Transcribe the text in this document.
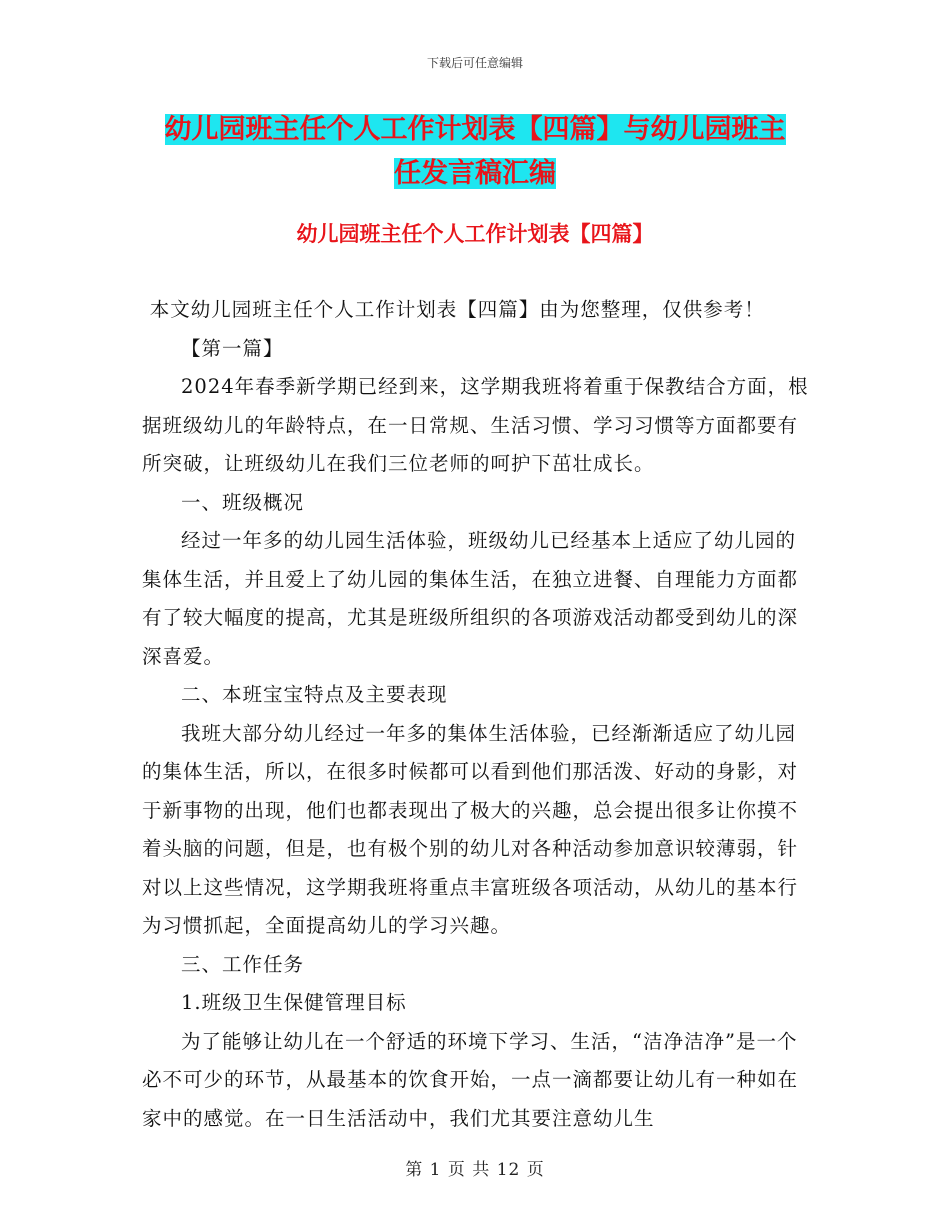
下载后可任意编辑
幼儿园班主任个人工作计划表【四篇】与幼儿园班主
任发言稿汇编
幼儿园班主任个人工作计划表【四篇】

本文幼儿园班主任个人工作计划表【四篇】由为您整理，仅供参考！

【第一篇】

2024年春季新学期已经到来，这学期我班将着重于保教结合方面，根据班级幼儿的年龄特点，在一日常规、生活习惯、学习习惯等方面都要有所突破，让班级幼儿在我们三位老师的呵护下茁壮成长。

一、班级概况

经过一年多的幼儿园生活体验，班级幼儿已经基本上适应了幼儿园的集体生活，并且爱上了幼儿园的集体生活，在独立进餐、自理能力方面都有了较大幅度的提高，尤其是班级所组织的各项游戏活动都受到幼儿的深深喜爱。

二、本班宝宝特点及主要表现

我班大部分幼儿经过一年多的集体生活体验，已经渐渐适应了幼儿园的集体生活，所以，在很多时候都可以看到他们那活泼、好动的身影，对于新事物的出现，他们也都表现出了极大的兴趣，总会提出很多让你摸不着头脑的问题，但是，也有极个别的幼儿对各种活动参加意识较薄弱，针对以上这些情况，这学期我班将重点丰富班级各项活动，从幼儿的基本行为习惯抓起，全面提高幼儿的学习兴趣。

三、工作任务

1.班级卫生保健管理目标

为了能够让幼儿在一个舒适的环境下学习、生活，“洁净洁净”是一个必不可少的环节，从最基本的饮食开始，一点一滴都要让幼儿有一种如在家中的感觉。在一日生活活动中，我们尤其要注意幼儿生

第 1 页 共 12 页
